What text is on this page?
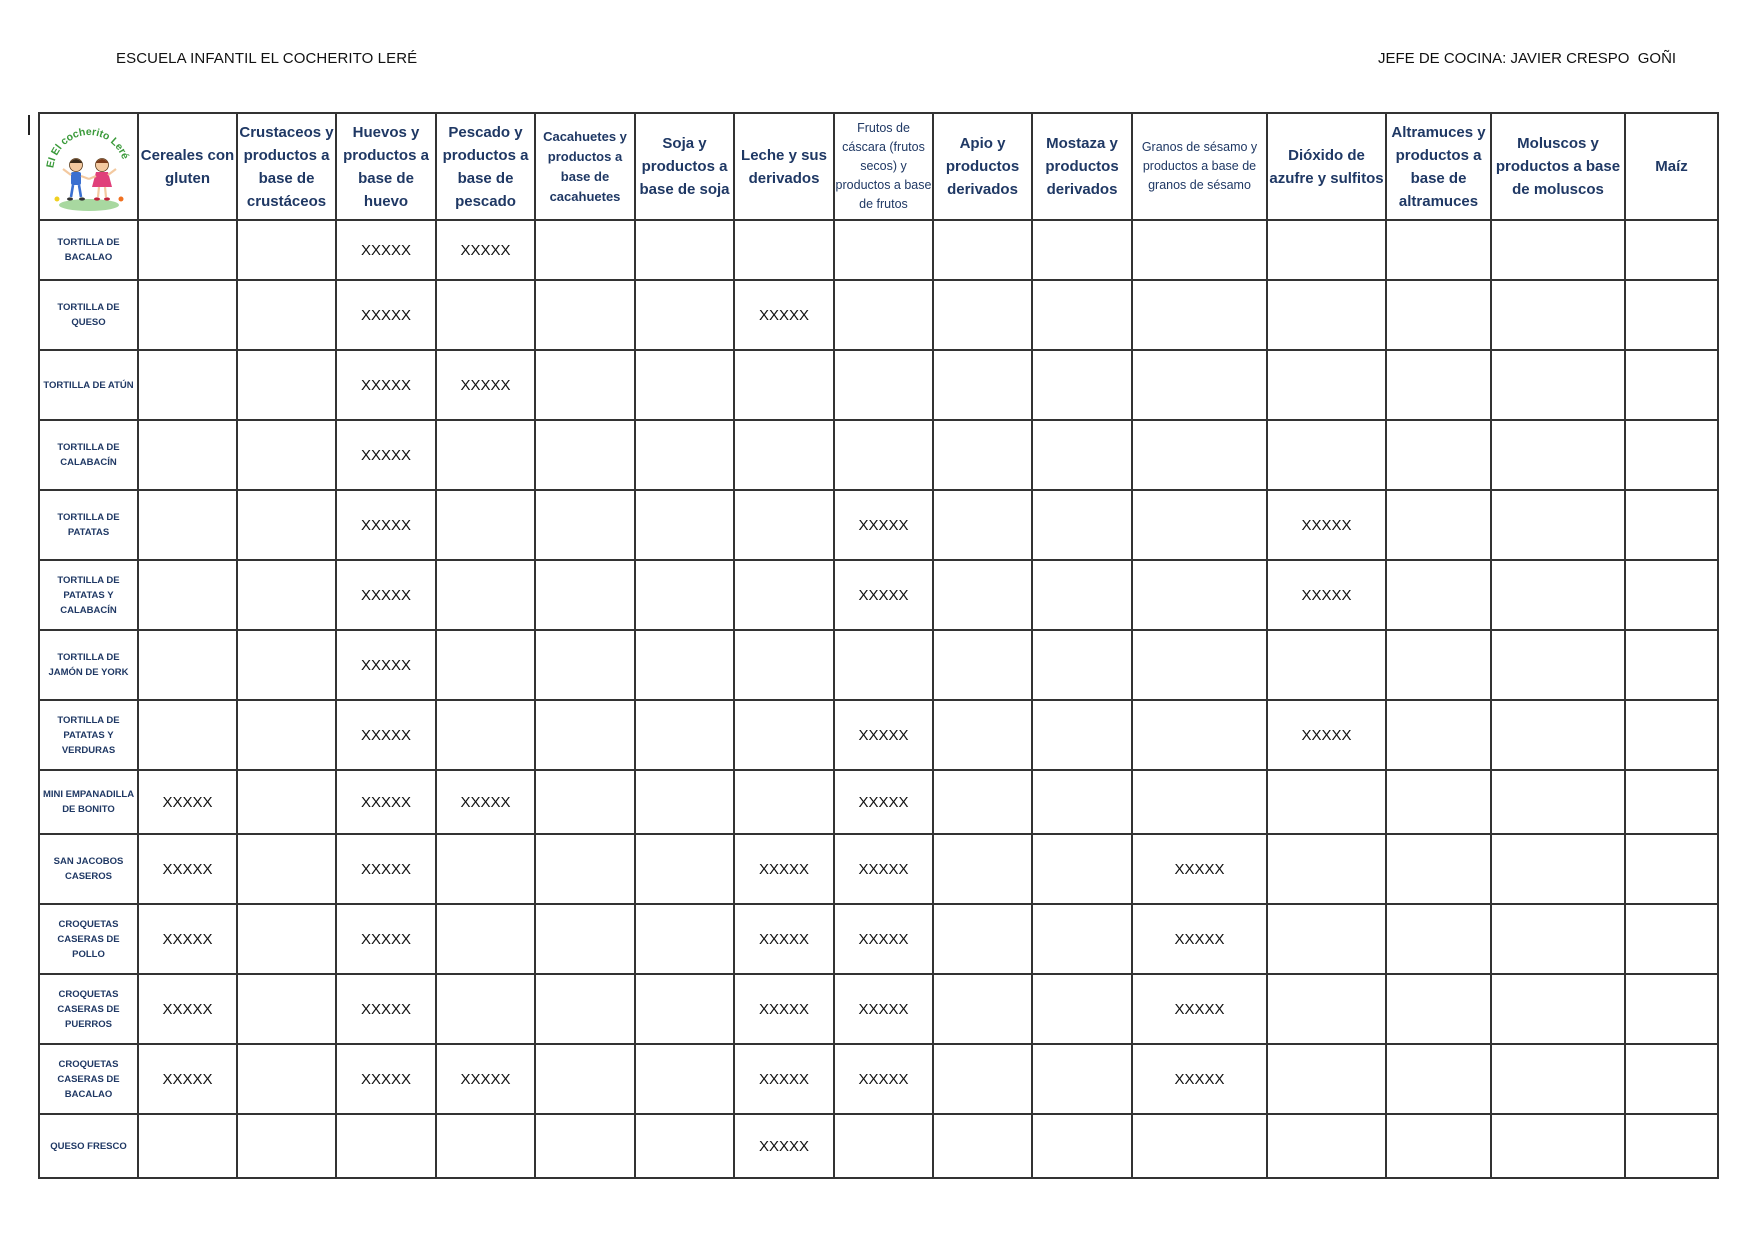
ESCUELA INFANTIL EL COCHERITO LERÉ	JEFE DE COCINA: JAVIER CRESPO  GOÑI
EI El cocherito Leré	Cereales con gluten	Crustaceos y productos a base de crustáceos	Huevos y productos a base de huevo	Pescado y productos a base de pescado	Cacahuetes y productos a base de cacahuetes	Soja y productos a base de soja	Leche y sus derivados	Frutos de cáscara (frutos secos) y productos a base de frutos	Apio y productos derivados	Mostaza y productos derivados	Granos de sésamo y productos a base de granos de sésamo	Dióxido de azufre y sulfitos	Altramuces y productos a base de altramuces	Moluscos y productos a base de moluscos	Maíz
TORTILLA DE BACALAO			XXXXX	XXXXX											
TORTILLA DE QUESO			XXXXX				XXXXX								
TORTILLA DE ATÚN			XXXXX	XXXXX											
TORTILLA DE CALABACÍN			XXXXX												
TORTILLA DE PATATAS			XXXXX					XXXXX				XXXXX			
TORTILLA DE PATATAS Y CALABACÍN			XXXXX					XXXXX				XXXXX			
TORTILLA DE JAMÓN DE YORK			XXXXX												
TORTILLA DE PATATAS Y VERDURAS			XXXXX					XXXXX				XXXXX			
MINI EMPANADILLA DE BONITO	XXXXX		XXXXX	XXXXX				XXXXX							
SAN JACOBOS CASEROS	XXXXX		XXXXX				XXXXX	XXXXX			XXXXX				
CROQUETAS CASERAS DE POLLO	XXXXX		XXXXX				XXXXX	XXXXX			XXXXX				
CROQUETAS CASERAS DE PUERROS	XXXXX		XXXXX				XXXXX	XXXXX			XXXXX				
CROQUETAS CASERAS DE BACALAO	XXXXX		XXXXX	XXXXX			XXXXX	XXXXX			XXXXX				
QUESO FRESCO							XXXXX								
